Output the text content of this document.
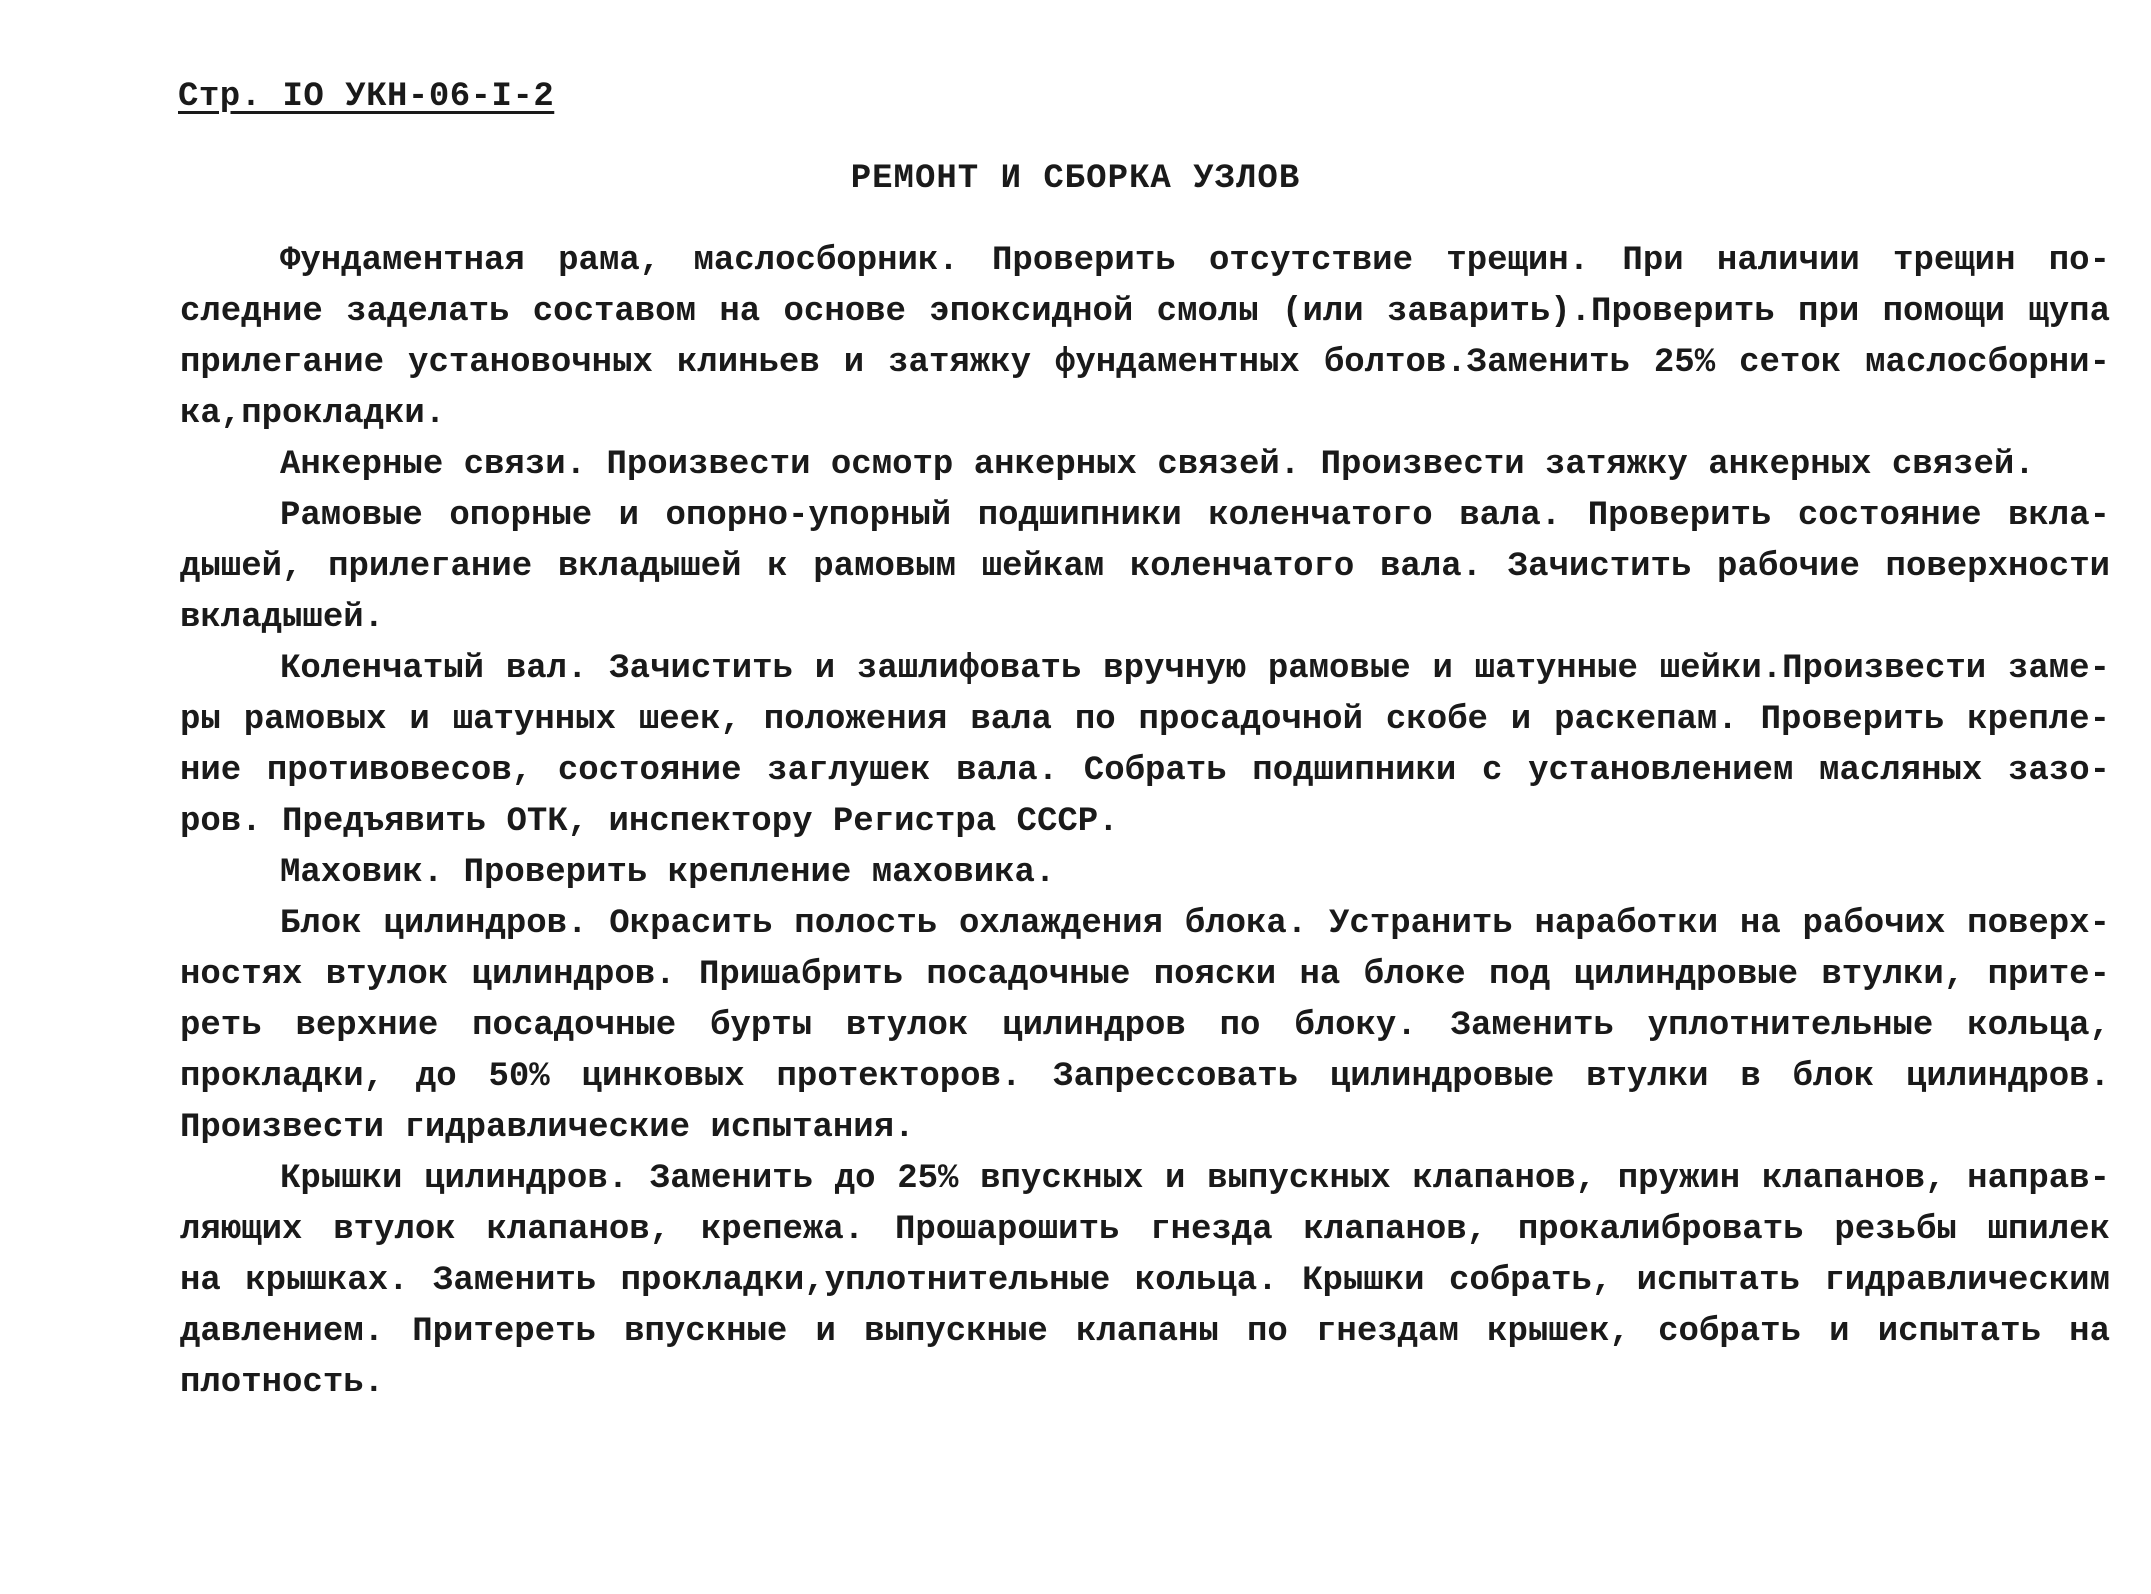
Стр. IO УКН-06-I-2
РЕМОНТ И СБОРКА УЗЛОВ
Фундаментная рама, маслосборник. Проверить отсутствие трещин. При наличии трещин по-
следние заделать составом на основе эпоксидной смолы (или заварить).Проверить при помощи щупа
прилегание установочных клиньев и затяжку фундаментных болтов.Заменить 25% сеток маслосборни-
ка,прокладки.
Анкерные связи. Произвести осмотр анкерных связей. Произвести затяжку анкерных связей.
Рамовые опорные и опорно-упорный подшипники коленчатого вала. Проверить состояние вкла-
дышей, прилегание вкладышей к рамовым шейкам коленчатого вала. Зачистить рабочие поверхности
вкладышей.
Коленчатый вал. Зачистить и зашлифовать вручную рамовые и шатунные шейки.Произвести заме-
ры рамовых и шатунных шеек, положения вала по просадочной скобе и раскепам. Проверить крепле-
ние противовесов, состояние заглушек вала. Собрать подшипники с установлением масляных зазо-
ров. Предъявить ОТК, инспектору Регистра СССР.
Маховик. Проверить крепление маховика.
Блок цилиндров. Окрасить полость охлаждения блока. Устранить наработки на рабочих поверх-
ностях втулок цилиндров. Пришабрить посадочные пояски на блоке под цилиндровые втулки, прите-
реть верхние посадочные бурты втулок цилиндров по блоку. Заменить уплотнительные кольца,
прокладки, до 50% цинковых протекторов. Запрессовать цилиндровые втулки в блок цилиндров.
Произвести гидравлические испытания.
Крышки цилиндров. Заменить до 25% впускных и выпускных клапанов, пружин клапанов, направ-
ляющих втулок клапанов, крепежа. Прошарошить гнезда клапанов, прокалибровать резьбы шпилек
на крышках. Заменить прокладки,уплотнительные кольца. Крышки собрать, испытать гидравлическим
давлением. Притереть впускные и выпускные клапаны по гнездам крышек, собрать и испытать на
плотность.
